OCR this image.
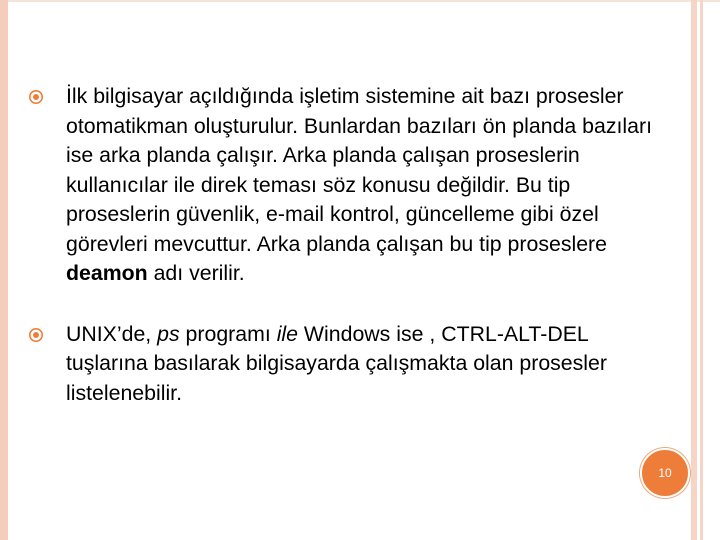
İlk bilgisayar açıldığında işletim sistemine ait bazı prosesler otomatikman oluşturulur. Bunlardan bazıları ön planda bazıları ise arka planda çalışır. Arka planda çalışan proseslerin kullanıcılar ile direk teması söz konusu değildir. Bu tip proseslerin güvenlik, e-mail kontrol, güncelleme gibi özel görevleri mevcuttur. Arka planda çalışan bu tip proseslere deamon adı verilir.

UNIX’de, ps programı ile Windows ise , CTRL-ALT-DEL tuşlarına basılarak bilgisayarda çalışmakta olan prosesler listelenebilir.

10
